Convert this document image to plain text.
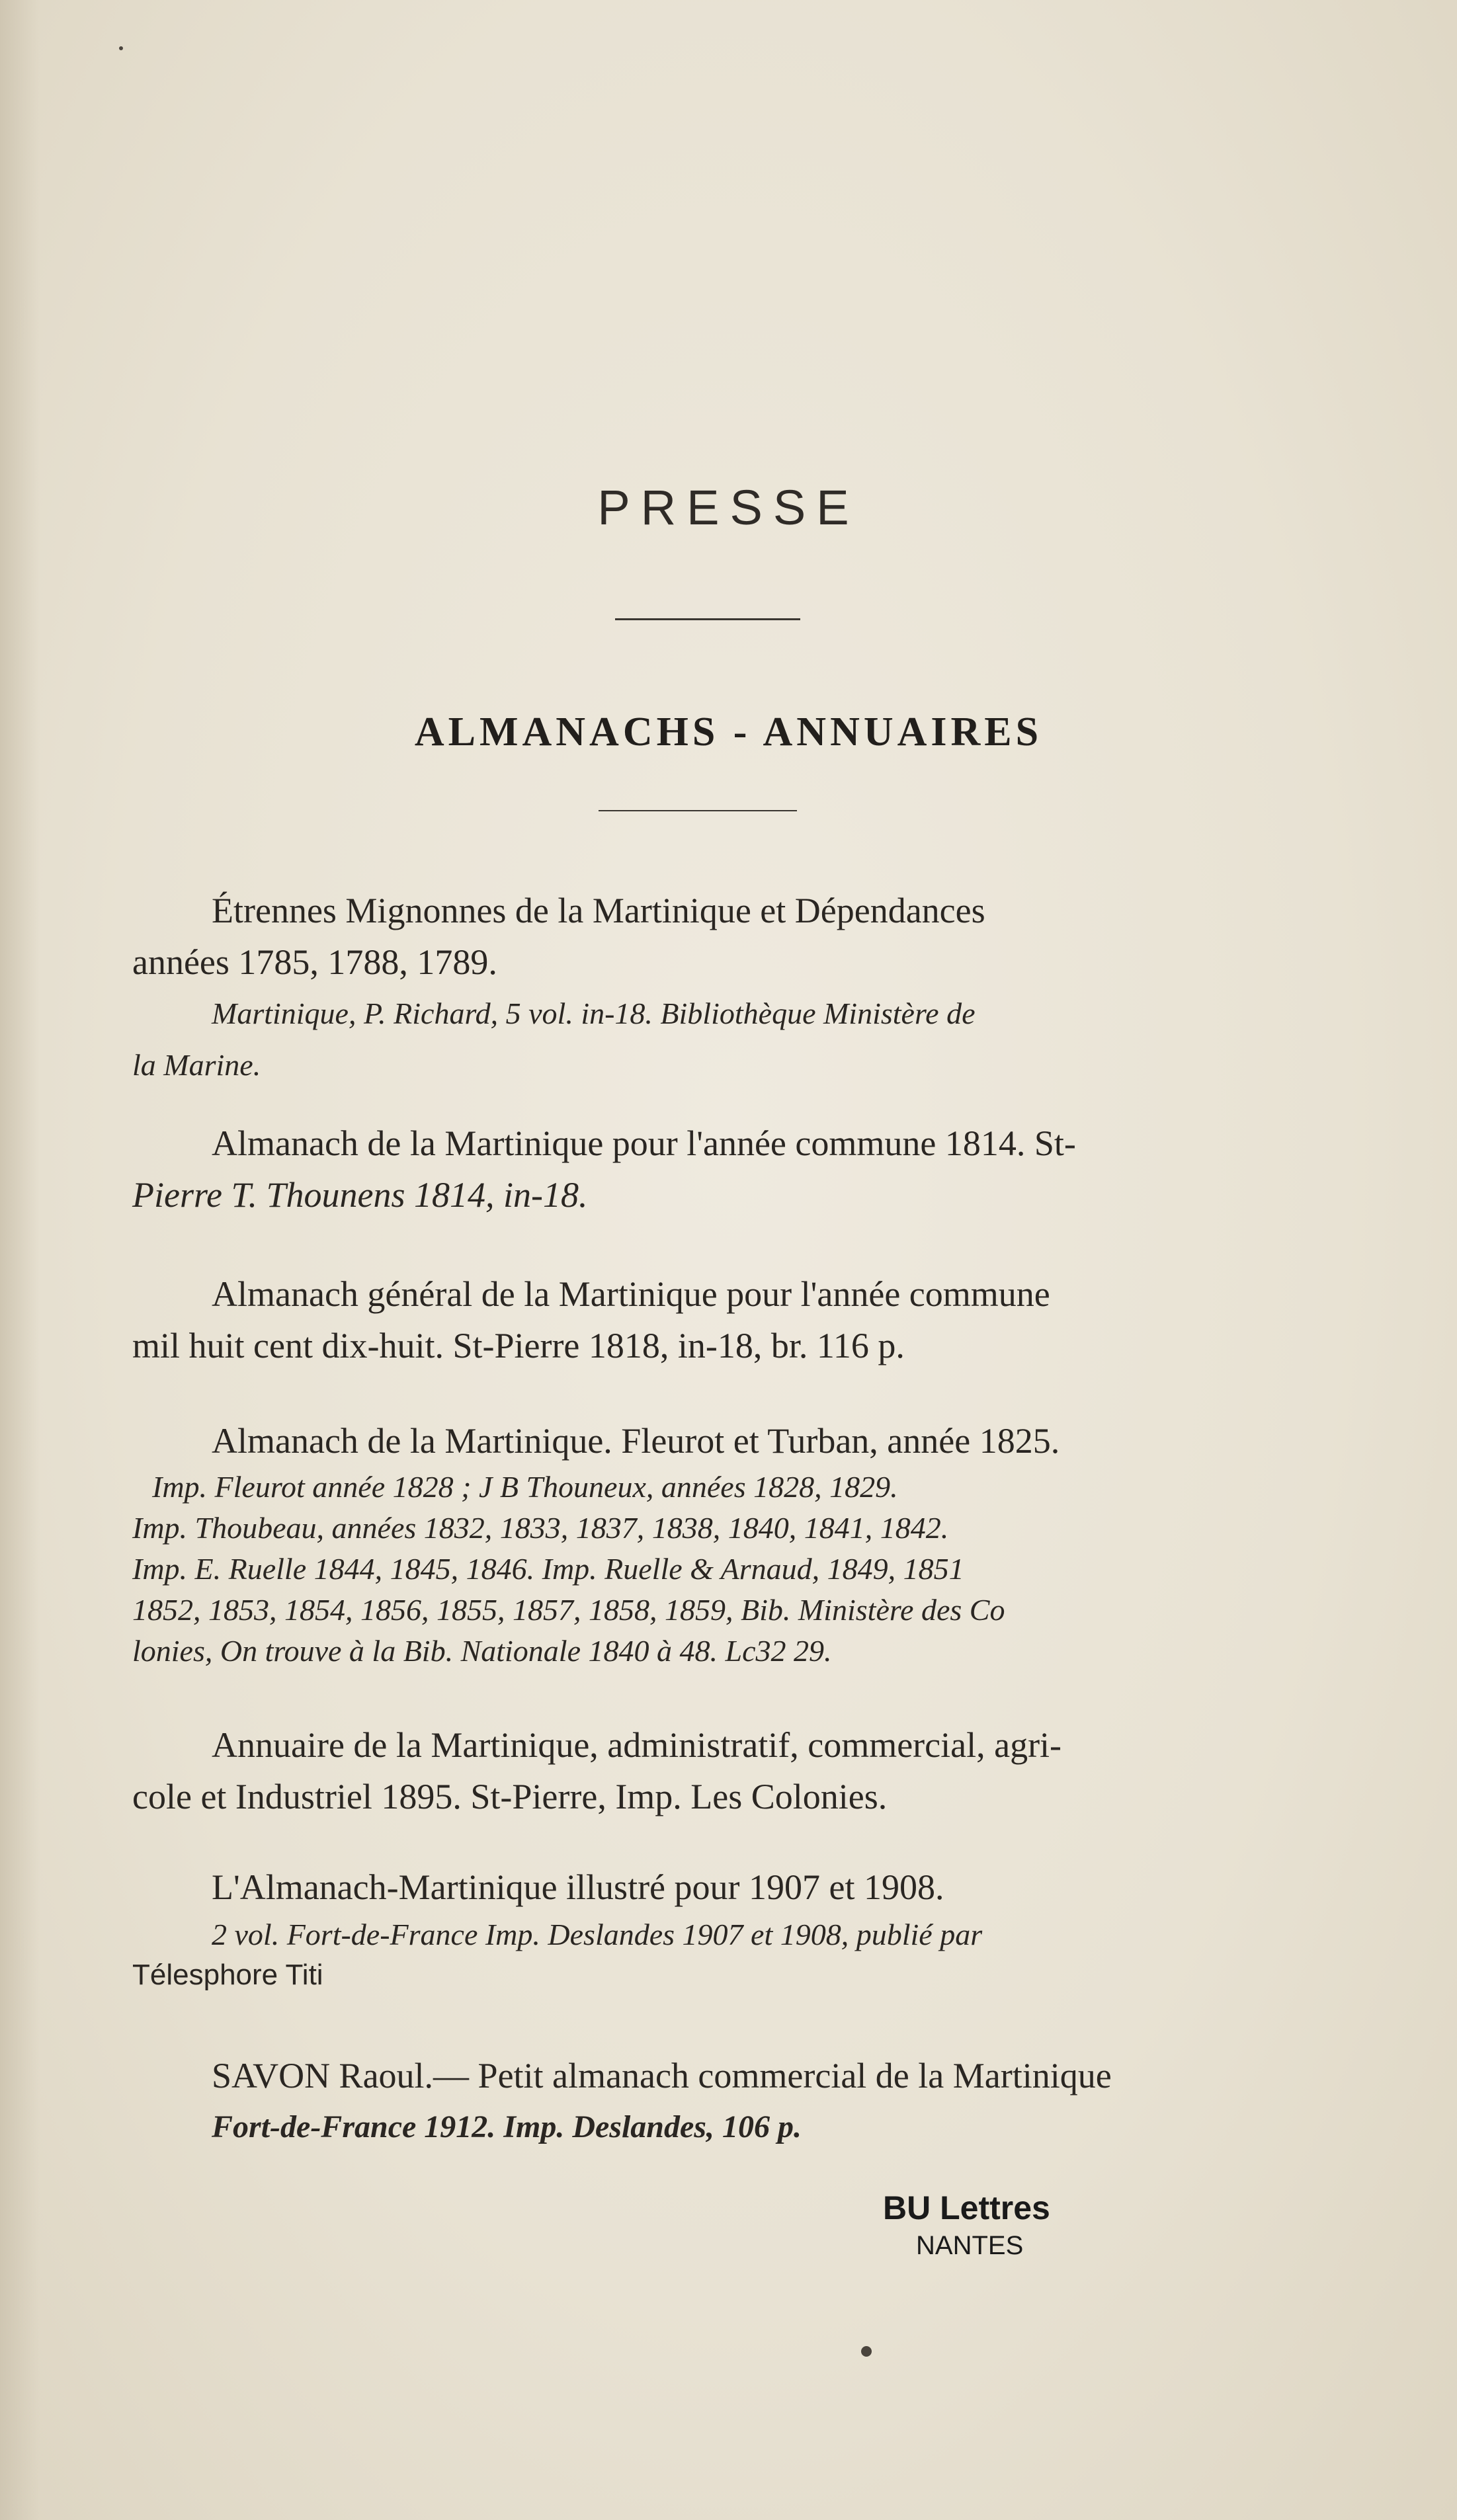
PRESSE
ALMANACHS - ANNUAIRES
Étrennes Mignonnes de la Martinique et Dépendances
années 1785, 1788, 1789.
Martinique, P. Richard, 5 vol. in-18. Bibliothèque Ministère de
la Marine.
Almanach de la Martinique pour l'année commune 1814. St-
Pierre T. Thounens 1814, in-18.
Almanach général de la Martinique pour l'année commune
mil huit cent dix-huit. St-Pierre 1818, in-18, br. 116 p.
Almanach de la Martinique. Fleurot et Turban, année 1825.
Imp. Fleurot année 1828 ; J B Thouneux, années 1828, 1829.
Imp. Thoubeau, années 1832, 1833, 1837, 1838, 1840, 1841, 1842.
Imp. E. Ruelle 1844, 1845, 1846. Imp. Ruelle & Arnaud, 1849, 1851
1852, 1853, 1854, 1856, 1855, 1857, 1858, 1859, Bib. Ministère des Co
lonies, On trouve à la Bib. Nationale 1840 à 48. Lc32 29.
Annuaire de la Martinique, administratif, commercial, agri-
cole et Industriel 1895. St-Pierre, Imp. Les Colonies.
L'Almanach-Martinique illustré pour 1907 et 1908.
2 vol. Fort-de-France Imp. Deslandes 1907 et 1908, publié par
Télesphore Titi
SAVON Raoul.— Petit almanach commercial de la Martinique
Fort-de-France 1912. Imp. Deslandes, 106 p.
BU Lettres
NANTES
